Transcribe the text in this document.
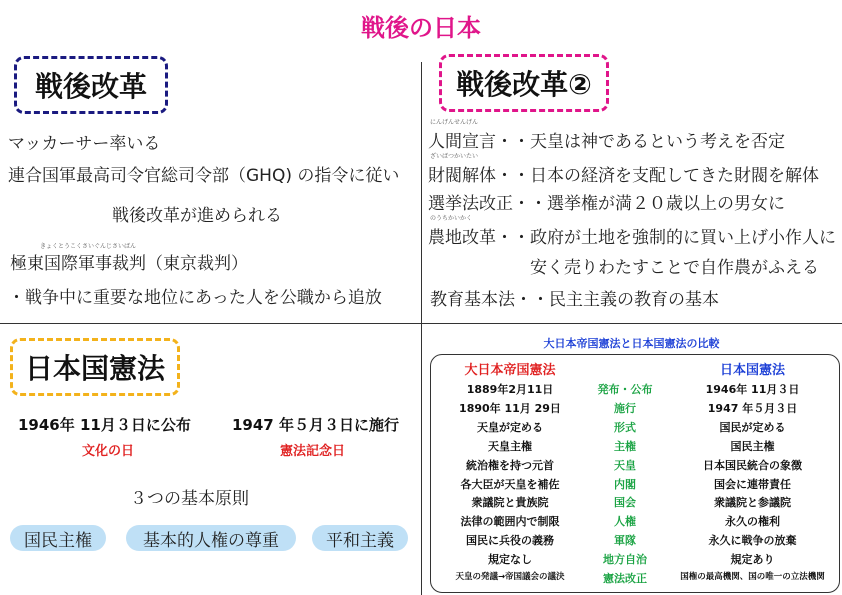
戦後の日本
戦後改革
マッカーサー率いる
連合国軍最高司令官総司令部（GHQ) の指令に従い
戦後改革が進められる
きょくとうこくさいぐんじさいばん
極東国際軍事裁判（東京裁判）
・戦争中に重要な地位にあった人を公職から追放
戦後改革②
にんげんせんげん
人間宣言・・天皇は神であるという考えを否定
ざいばつかいたい
財閥解体・・日本の経済を支配してきた財閥を解体
選挙法改正・・選挙権が満２０歳以上の男女に
のうちかいかく
農地改革・・政府が土地を強制的に買い上げ小作人に
安く売りわたすことで自作農がふえる
教育基本法・・民主主義の教育の基本
日本国憲法
1946年 11月３日に公布
文化の日
1947 年５月３日に施行
憲法記念日
３つの基本原則
国民主権	基本的人権の尊重	平和主義
大日本帝国憲法と日本国憲法の比較
大日本帝国憲法	日本国憲法
1889年2月11日	発布・公布	1946年 11月３日
1890年 11月 29日	施行	1947 年５月３日
天皇が定める	形式	国民が定める
天皇主権	主権	国民主権
統治権を持つ元首	天皇	日本国民統合の象徴
各大臣が天皇を補佐	内閣	国会に連帯責任
衆議院と貴族院	国会	衆議院と参議院
法律の範囲内で制限	人権	永久の権利
国民に兵役の義務	軍隊	永久に戦争の放棄
規定なし	地方自治	規定あり
天皇の発議→帝国議会の議決	憲法改正	国権の最高機関、国の唯一の立法機関
